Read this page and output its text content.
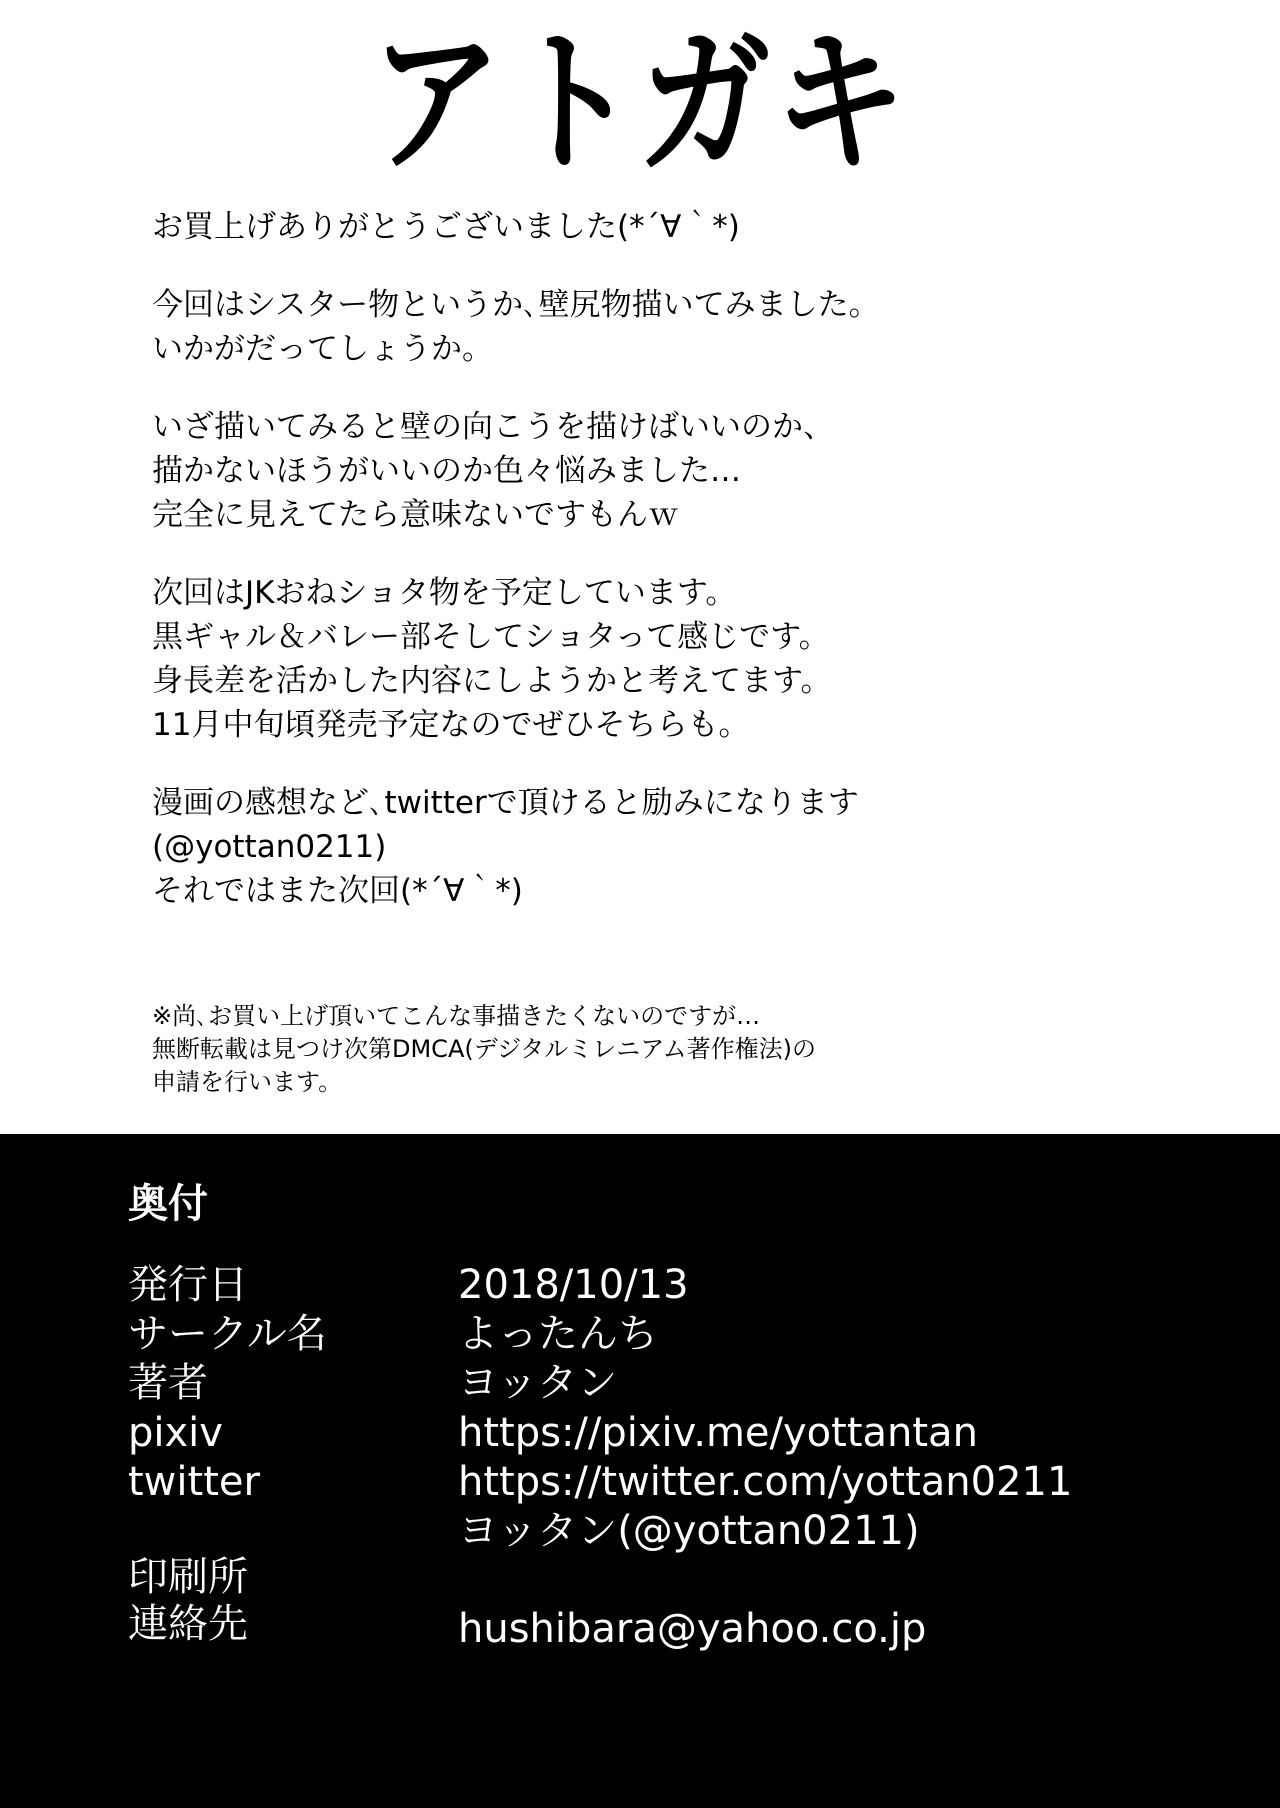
アトガキ

お買上げありがとうございました(*´∀｀*)

今回はシスター物というか､壁尻物描いてみました。
いかがだってしょうか。

いざ描いてみると壁の向こうを描けばいいのか、
描かないほうがいいのか色々悩みました…
完全に見えてたら意味ないですもんｗ

次回はJKおねショタ物を予定しています。
黒ギャル＆バレー部そしてショタって感じです。
身長差を活かした内容にしようかと考えてます。
11月中旬頃発売予定なのでぜひそちらも。

漫画の感想など､twitterで頂けると励みになります
(@yottan0211)
それではまた次回(*´∀｀*)

※尚､お買い上げ頂いてこんな事描きたくないのですが…
無断転載は見つけ次第DMCA(デジタルミレニアム著作権法)の
申請を行います。
奥付
発行日	2018/10/13
サークル名	よったんち
著者	ヨッタン
pixiv	https://pixiv.me/yottantan
twitter	https://twitter.com/yottan0211
ヨッタン(@yottan0211)
印刷所
連絡先	hushibara@yahoo.co.jp
